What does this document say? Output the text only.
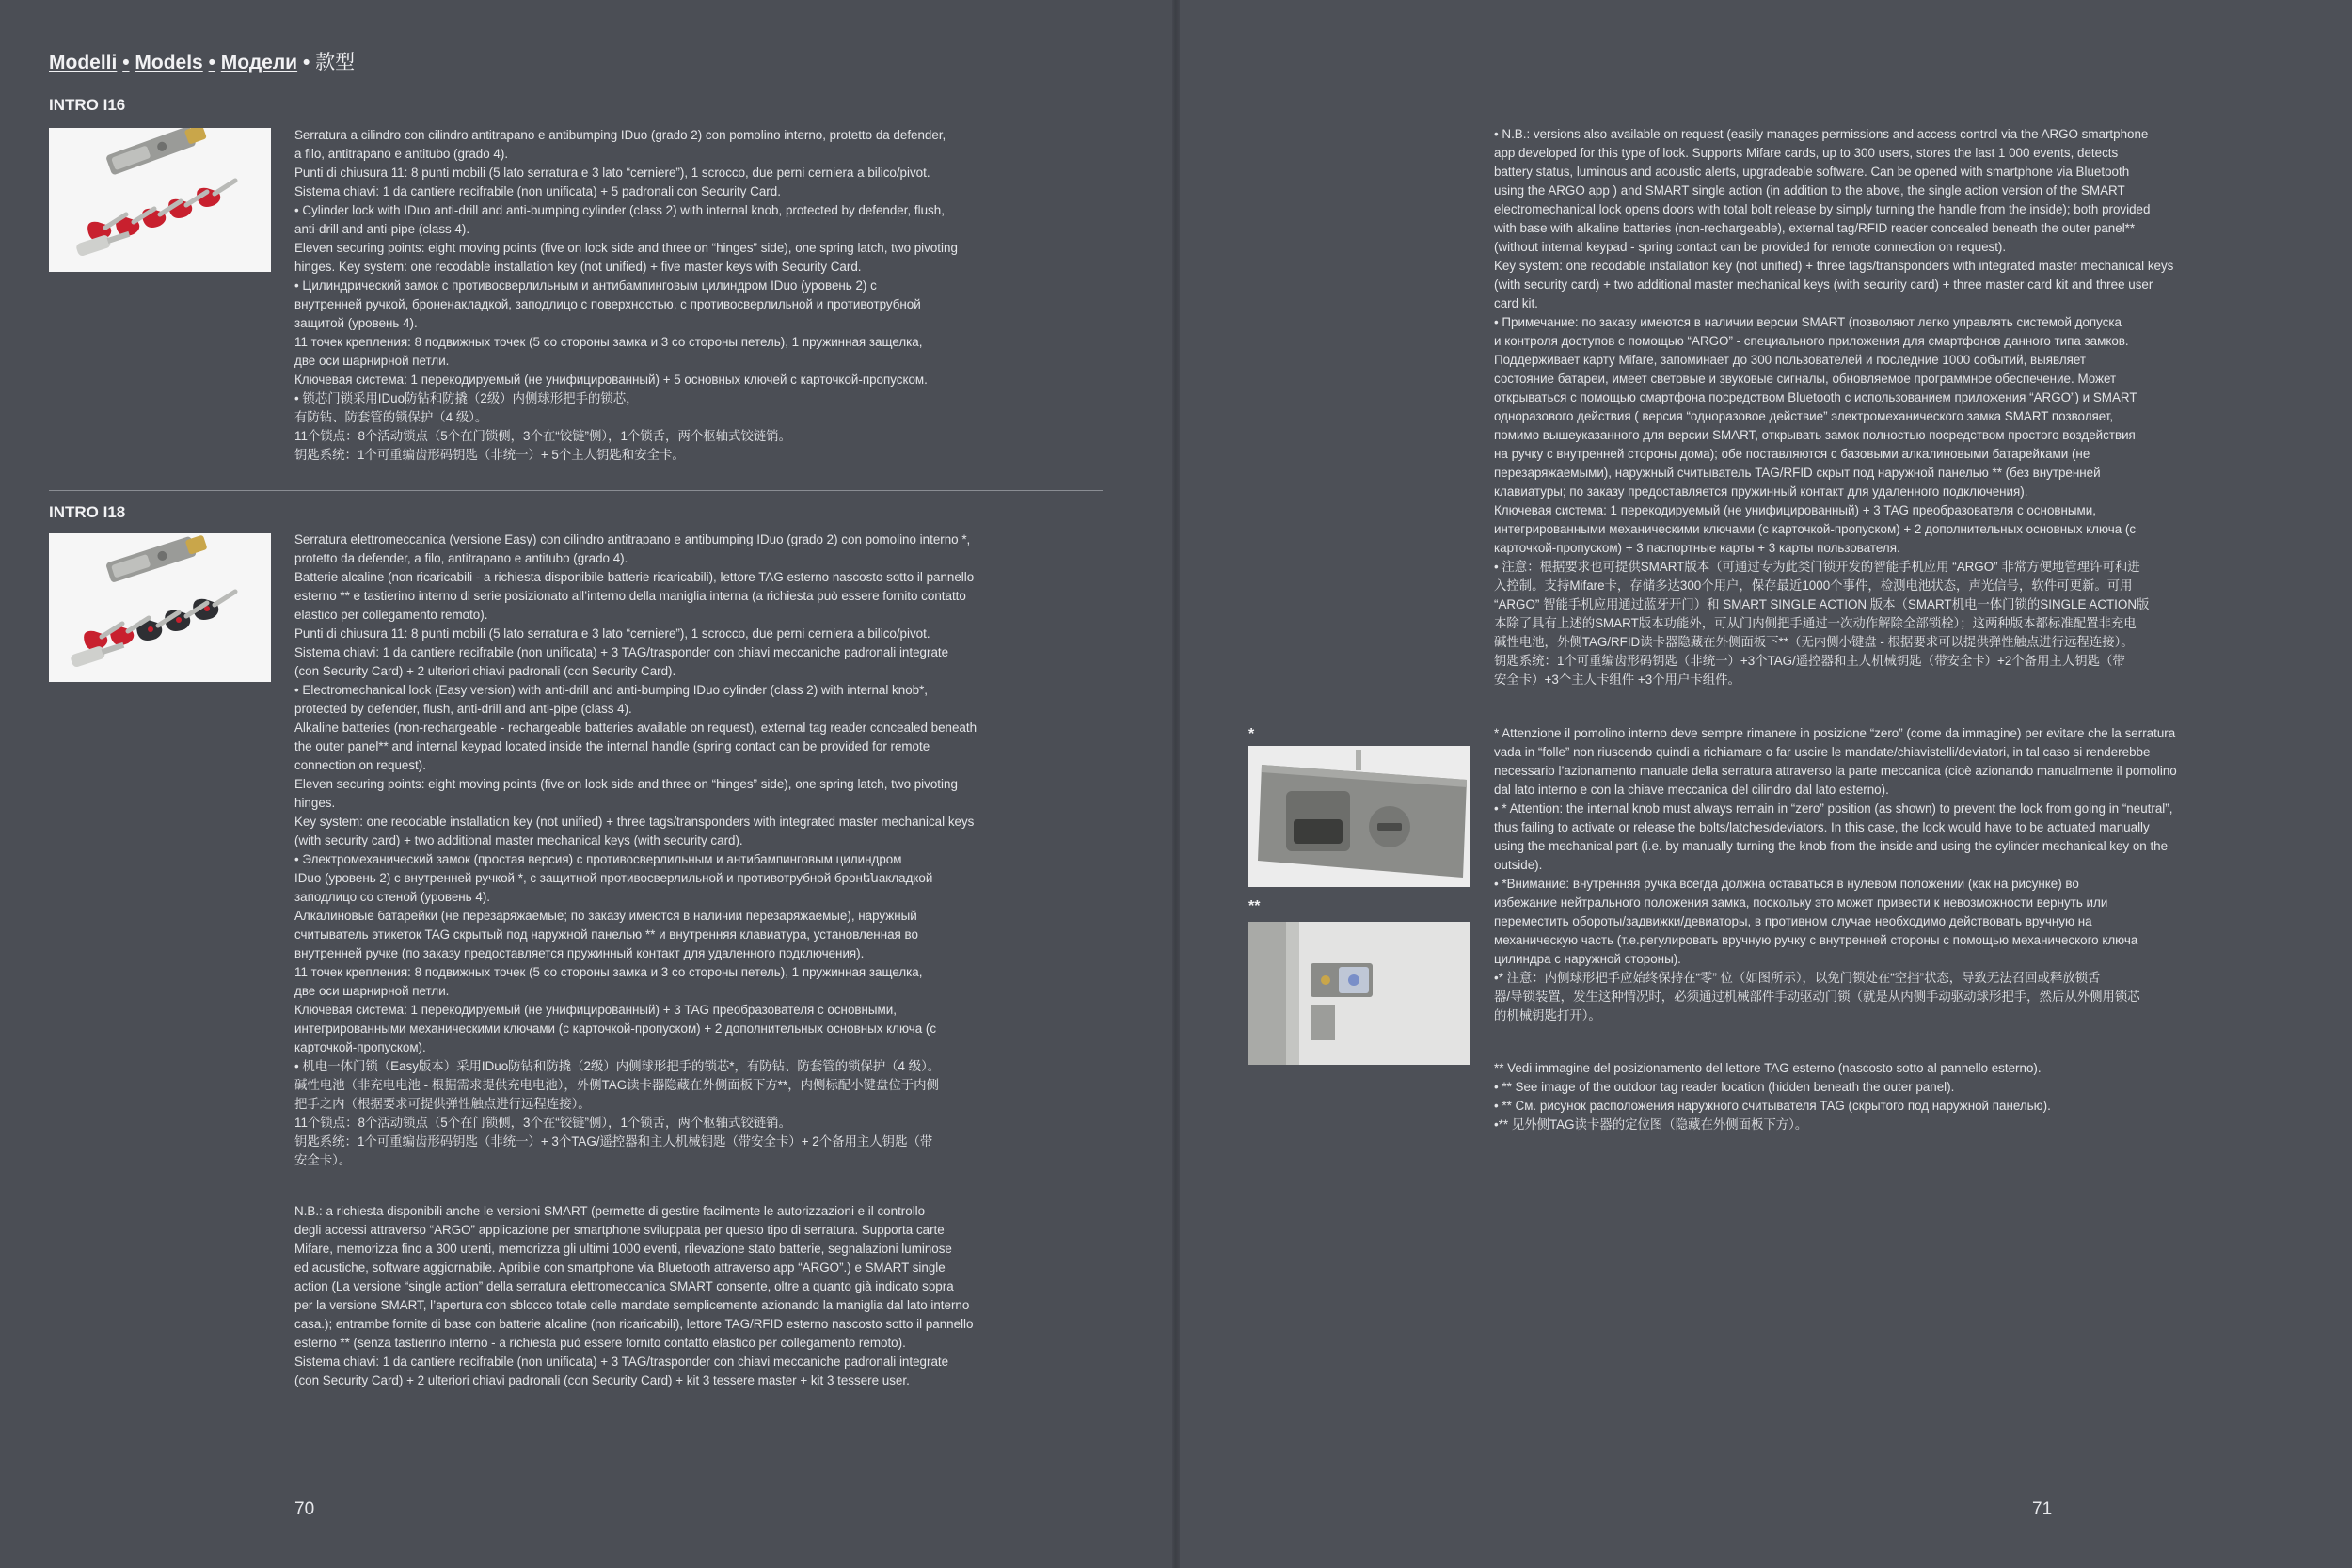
Modelli • Models • Модели • 款型
INTRO I16
Serratura a cilindro con cilindro antitrapano e antibumping IDuo (grado 2) con pomolino interno, protetto da defender,
a filo, antitrapano e antitubo (grado 4).
Punti di chiusura 11: 8 punti mobili (5 lato serratura e 3 lato “cerniere”), 1 scrocco, due perni cerniera a bilico/pivot.
Sistema chiavi: 1 da cantiere recifrabile (non unificata) + 5 padronali con Security Card.
• Cylinder lock with IDuo anti-drill and anti-bumping cylinder (class 2) with internal knob, protected by defender, flush,
anti-drill and anti-pipe (class 4).
Eleven securing points: eight moving points (five on lock side and three on “hinges” side), one spring latch, two pivoting
hinges. Key system: one recodable installation key (not unified) + five master keys with Security Card.
• Цилиндрический замок с противосверлильным и антибампинговым цилиндром IDuo (уровень 2) с
внутренней ручкой, броненакладкой, заподлицо с поверхностью, с противосверлильной и противотрубной
защитой (уровень 4).
11 точек крепления: 8 подвижных точек (5 со стороны замка и 3 со стороны петель), 1 пружинная защелка,
две оси шарнирной петли.
Ключевая система: 1 перекодируемый (не унифицированный) + 5 основных ключей с карточкой-пропуском.
• 锁芯门锁采用IDuo防钻和防撬（2级）内侧球形把手的锁芯，
有防钻、防套管的锁保护（4 级）。
11个锁点：8个活动锁点（5个在门锁侧，3个在“铰链”侧），1个锁舌，两个枢轴式铰链销。
钥匙系统：1个可重编齿形码钥匙（非统一）+ 5个主人钥匙和安全卡。
INTRO I18
Serratura elettromeccanica (versione Easy) con cilindro antitrapano e antibumping IDuo (grado 2) con pomolino interno *,
protetto da defender, a filo, antitrapano e antitubo (grado 4).
Batterie alcaline (non ricaricabili - a richiesta disponibile batterie ricaricabili), lettore TAG esterno nascosto sotto il pannello
esterno ** e tastierino interno di serie posizionato all’interno della maniglia interna (a richiesta può essere fornito contatto
elastico per collegamento remoto).
Punti di chiusura 11: 8 punti mobili (5 lato serratura e 3 lato “cerniere”), 1 scrocco, due perni cerniera a bilico/pivot.
Sistema chiavi: 1 da cantiere recifrabile (non unificata) + 3 TAG/trasponder con chiavi meccaniche padronali integrate
(con Security Card) + 2 ulteriori chiavi padronali (con Security Card).
• Electromechanical lock (Easy version) with anti-drill and anti-bumping IDuo cylinder (class 2) with internal knob*,
protected by defender, flush, anti-drill and anti-pipe (class 4).
Alkaline batteries (non-rechargeable - rechargeable batteries available on request), external tag reader concealed beneath
the outer panel** and internal keypad located inside the internal handle (spring contact can be provided for remote
connection on request).
Eleven securing points: eight moving points (five on lock side and three on “hinges” side), one spring latch, two pivoting
hinges.
Key system: one recodable installation key (not unified) + three tags/transponders with integrated master mechanical keys
(with security card) + two additional master mechanical keys (with security card).
• Электромеханический замок (простая версия) с противосверлильным и антибампинговым цилиндром
IDuo (уровень 2) с внутренней ручкой *, с защитной противосверлильной и противотрубной бронենакладкой
заподлицо со стеной (уровень 4).
Алкалиновые батарейки (не перезаряжаемые; по заказу имеются в наличии перезаряжаемые), наружный
считыватель этикеток TAG скрытый под наружной панелью ** и внутренняя клавиатура, установленная во
внутренней ручке (по заказу предоставляется пружинный контакт для удаленного подключения).
11 точек крепления: 8 подвижных точек (5 со стороны замка и 3 со стороны петель), 1 пружинная защелка,
две оси шарнирной петли.
Ключевая система: 1 перекодируемый (не унифицированный) + 3 TAG преобразователя с основными,
интегрированными механическими ключами (с карточкой-пропуском) + 2 дополнительных основных ключа (с
карточкой-пропуском).
• 机电一体门锁（Easy版本）采用IDuo防钻和防撬（2级）内侧球形把手的锁芯*，有防钻、防套管的锁保护（4 级）。
碱性电池（非充电电池 - 根据需求提供充电电池），外侧TAG读卡器隐藏在外侧面板下方**，内侧标配小键盘位于内侧
把手之内（根据要求可提供弹性触点进行远程连接）。
11个锁点：8个活动锁点（5个在门锁侧，3个在“铰链”侧），1个锁舌，两个枢轴式铰链销。
钥匙系统：1个可重编齿形码钥匙（非统一）+ 3个TAG/遥控器和主人机械钥匙（带安全卡）+ 2个备用主人钥匙（带
安全卡）。
N.B.: a richiesta disponibili anche le versioni SMART (permette di gestire facilmente le autorizzazioni e il controllo
degli accessi attraverso “ARGO” applicazione per smartphone sviluppata per questo tipo di serratura. Supporta carte
Mifare, memorizza fino a 300 utenti, memorizza gli ultimi 1000 eventi, rilevazione stato batterie, segnalazioni luminose
ed acustiche, software aggiornabile. Apribile con smartphone via Bluetooth attraverso app “ARGO”.) e SMART single
action (La versione “single action” della serratura elettromeccanica SMART consente, oltre a quanto già indicato sopra
per la versione SMART, l’apertura con sblocco totale delle mandate semplicemente azionando la maniglia dal lato interno
casa.); entrambe fornite di base con batterie alcaline (non ricaricabili), lettore TAG/RFID esterno nascosto sotto il pannello
esterno ** (senza tastierino interno - a richiesta può essere fornito contatto elastico per collegamento remoto).
Sistema chiavi: 1 da cantiere recifrabile (non unificata) + 3 TAG/trasponder con chiavi meccaniche padronali integrate
(con Security Card) + 2 ulteriori chiavi padronali (con Security Card) + kit 3 tessere master + kit 3 tessere user.
70
• N.B.: versions also available on request (easily manages permissions and access control via the ARGO smartphone
app developed for this type of lock. Supports Mifare cards, up to 300 users, stores the last 1 000 events, detects
battery status, luminous and acoustic alerts, upgradeable software. Can be opened with smartphone via Bluetooth
using the ARGO app ) and SMART single action (in addition to the above, the single action version of the SMART
electromechanical lock opens doors with total bolt release by simply turning the handle from the inside); both provided
with base with alkaline batteries (non-rechargeable), external tag/RFID reader concealed beneath the outer panel**
(without internal keypad - spring contact can be provided for remote connection on request).
Key system: one recodable installation key (not unified) + three tags/transponders with integrated master mechanical keys
(with security card) + two additional master mechanical keys (with security card) + three master card kit and three user
card kit.
• Примечание: по заказу имеются в наличии версии SMART (позволяют легко управлять системой допуска
и контроля доступов с помощью “ARGO” - специального приложения для смартфонов данного типа замков.
Поддерживает карту Mifare, запоминает до 300 пользователей и последние 1000 событий, выявляет
состояние батареи, имеет световые и звуковые сигналы, обновляемое программное обеспечение. Может
открываться с помощью смартфона посредством Bluetooth с использованием приложения “ARGO”) и SMART
одноразового действия ( версия “одноразовое действие” электромеханического замка SMART позволяет,
помимо вышеуказанного для версии SMART, открывать замок полностью посредством простого воздействия
на ручку с внутренней стороны дома); обе поставляются с базовыми алкалиновыми батарейками (не
перезаряжаемыми), наружный считыватель TAG/RFID скрыт под наружной панелью ** (без внутренней
клавиатуры; по заказу предоставляется пружинный контакт для удаленного подключения).
Ключевая система: 1 перекодируемый (не унифицированный) + 3 TAG преобразователя с основными,
интегрированными механическими ключами (с карточкой-пропуском) + 2 дополнительных основных ключа (с
карточкой-пропуском) + 3 паспортные карты + 3 карты пользователя.
• 注意：根据要求也可提供SMART版本（可通过专为此类门锁开发的智能手机应用 “ARGO” 非常方便地管理许可和进
入控制。支持Mifare卡，存储多达300个用户，保存最近1000个事件，检测电池状态，声光信号，软件可更新。可用
“ARGO” 智能手机应用通过蓝牙开门）和 SMART SINGLE ACTION 版本（SMART机电一体门锁的SINGLE ACTION版
本除了具有上述的SMART版本功能外，可从门内侧把手通过一次动作解除全部锁栓）；这两种版本都标准配置非充电
碱性电池，外侧TAG/RFID读卡器隐藏在外侧面板下**（无内侧小键盘 - 根据要求可以提供弹性触点进行远程连接）。
钥匙系统：1个可重编齿形码钥匙（非统一）+3个TAG/遥控器和主人机械钥匙（带安全卡）+2个备用主人钥匙（带
安全卡）+3个主人卡组件 +3个用户卡组件。
*
**
* Attenzione il pomolino interno deve sempre rimanere in posizione “zero” (come da immagine) per evitare che la serratura
vada in “folle” non riuscendo quindi a richiamare o far uscire le mandate/chiavistelli/deviatori, in tal caso si renderebbe
necessario l’azionamento manuale della serratura attraverso la parte meccanica (cioè azionando manualmente il pomolino
dal lato interno e con la chiave meccanica del cilindro dal lato esterno).
• * Attention: the internal knob must always remain in “zero” position (as shown) to prevent the lock from going in “neutral”,
thus failing to activate or release the bolts/latches/deviators. In this case, the lock would have to be actuated manually
using the mechanical part (i.e. by manually turning the knob from the inside and using the cylinder mechanical key on the
outside).
• *Внимание: внутренняя ручка всегда должна оставаться в нулевом положении (как на рисунке) во
избежание нейтрального положения замка, поскольку это может привести к невозможности вернуть или
переместить обороты/задвижки/девиаторы, в противном случае необходимо действовать вручную на
механическую часть (т.е.регулировать вручную ручку с внутренней стороны с помощью механического ключа
цилиндра с наружной стороны).
•* 注意：内侧球形把手应始终保持在“零” 位（如图所示），以免门锁处在“空挡”状态，导致无法召回或释放锁舌
器/导锁装置，发生这种情况时，必须通过机械部件手动驱动门锁（就是从内侧手动驱动球形把手，然后从外侧用锁芯
的机械钥匙打开）。
** Vedi immagine del posizionamento del lettore TAG esterno (nascosto sotto al pannello esterno).
• ** See image of the outdoor tag reader location (hidden beneath the outer panel).
• ** См. рисунок расположения наружного считывателя TAG (скрытого под наружной панелью).
•** 见外侧TAG读卡器的定位图（隐藏在外侧面板下方）。
71
